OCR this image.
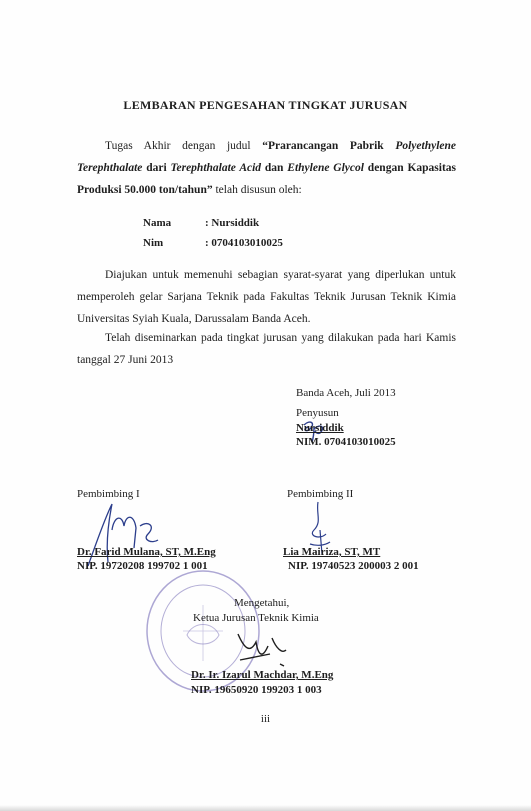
LEMBARAN PENGESAHAN TINGKAT JURUSAN
Tugas Akhir dengan judul “Prarancangan Pabrik Polyethylene
Terephthalate dari Terephthalate Acid dan Ethylene Glycol dengan Kapasitas
Produksi 50.000 ton/tahun” telah disusun oleh:
Nama	: Nursiddik
Nim	: 0704103010025
Diajukan untuk memenuhi sebagian syarat-syarat yang diperlukan untuk
memperoleh gelar Sarjana Teknik pada Fakultas Teknik Jurusan Teknik Kimia
Universitas Syiah Kuala, Darussalam Banda Aceh.
Telah diseminarkan pada tingkat jurusan yang dilakukan pada hari Kamis
tanggal 27 Juni 2013
Banda Aceh, Juli 2013
Penyusun
Nursiddik
NIM. 0704103010025
Pembimbing I	Pembimbing II
Dr. Farid Mulana, ST, M.Eng
NIP. 19720208 199702 1 001
Lia Mairiza, ST, MT
NIP. 19740523 200003 2 001
Mengetahui,
Ketua Jurusan Teknik Kimia
Dr. Ir. Izarul Machdar, M.Eng
NIP. 19650920 199203 1 003
iii
